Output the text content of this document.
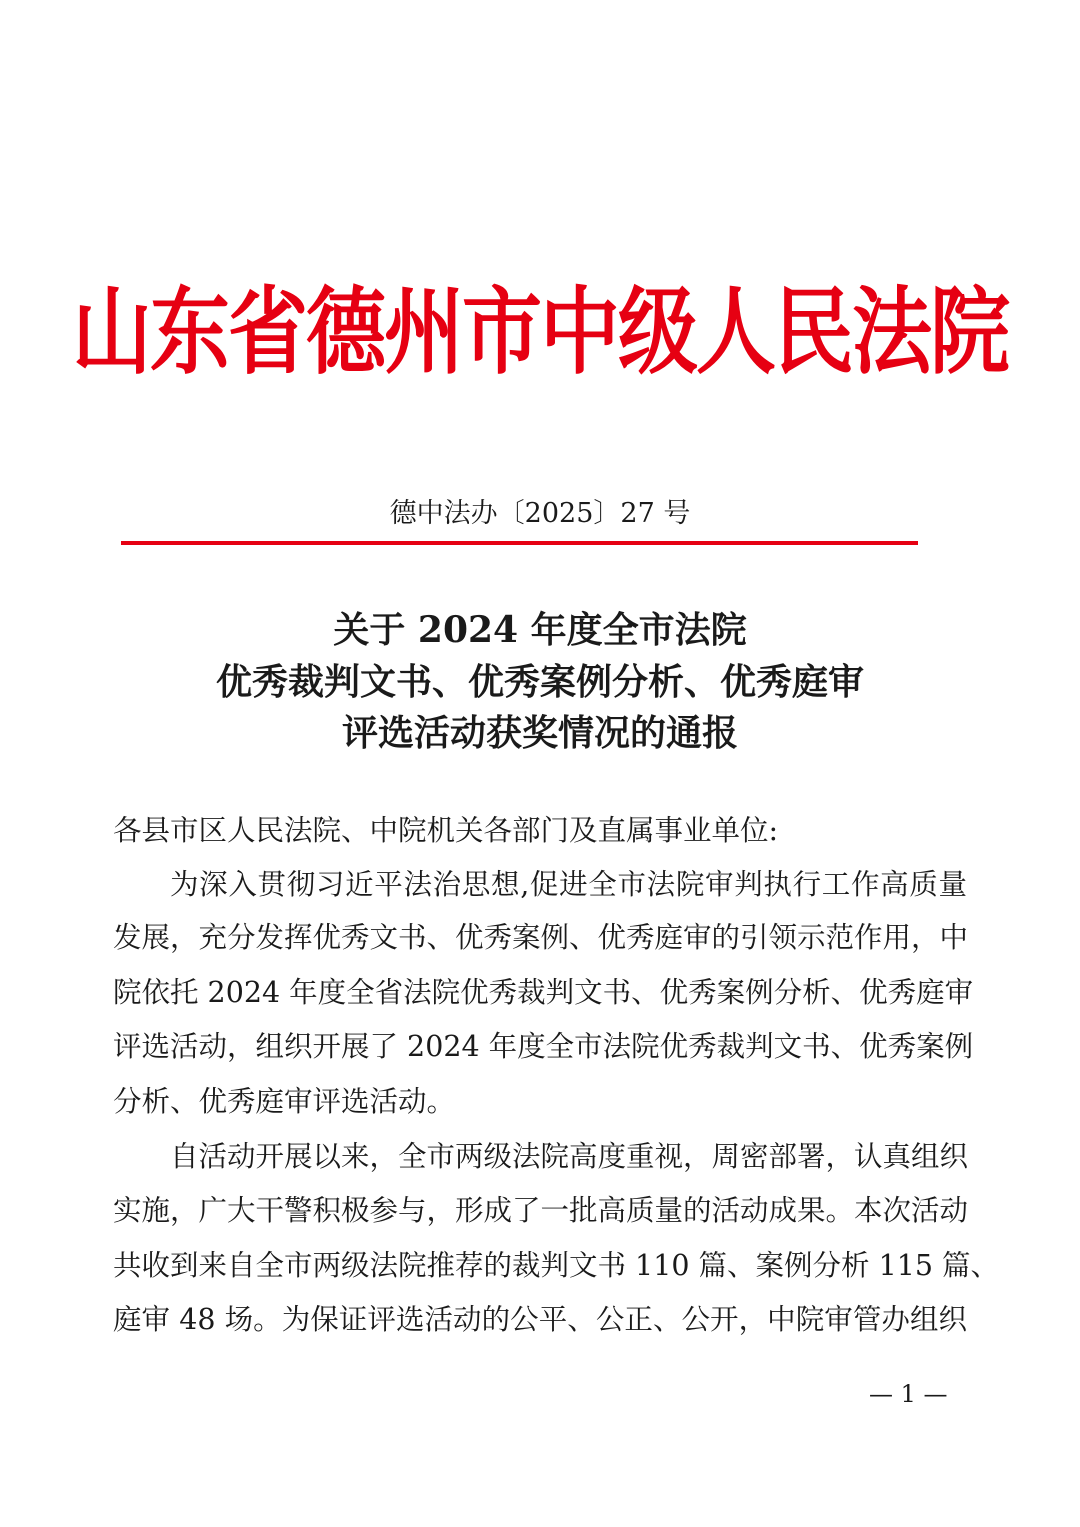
山东省德州市中级人民法院
德中法办〔2025〕27 号
关于 2024 年度全市法院
优秀裁判文书、优秀案例分析、优秀庭审
评选活动获奖情况的通报
各县市区人民法院、中院机关各部门及直属事业单位:
为深入贯彻习近平法治思想,促进全市法院审判执行工作高质量
发展，充分发挥优秀文书、优秀案例、优秀庭审的引领示范作用，中
院依托 2024 年度全省法院优秀裁判文书、优秀案例分析、优秀庭审
评选活动，组织开展了 2024 年度全市法院优秀裁判文书、优秀案例
分析、优秀庭审评选活动。
自活动开展以来，全市两级法院高度重视，周密部署，认真组织
实施，广大干警积极参与，形成了一批高质量的活动成果。本次活动
共收到来自全市两级法院推荐的裁判文书 110 篇、案例分析 115 篇、
庭审 48 场。为保证评选活动的公平、公正、公开，中院审管办组织
— 1 —
